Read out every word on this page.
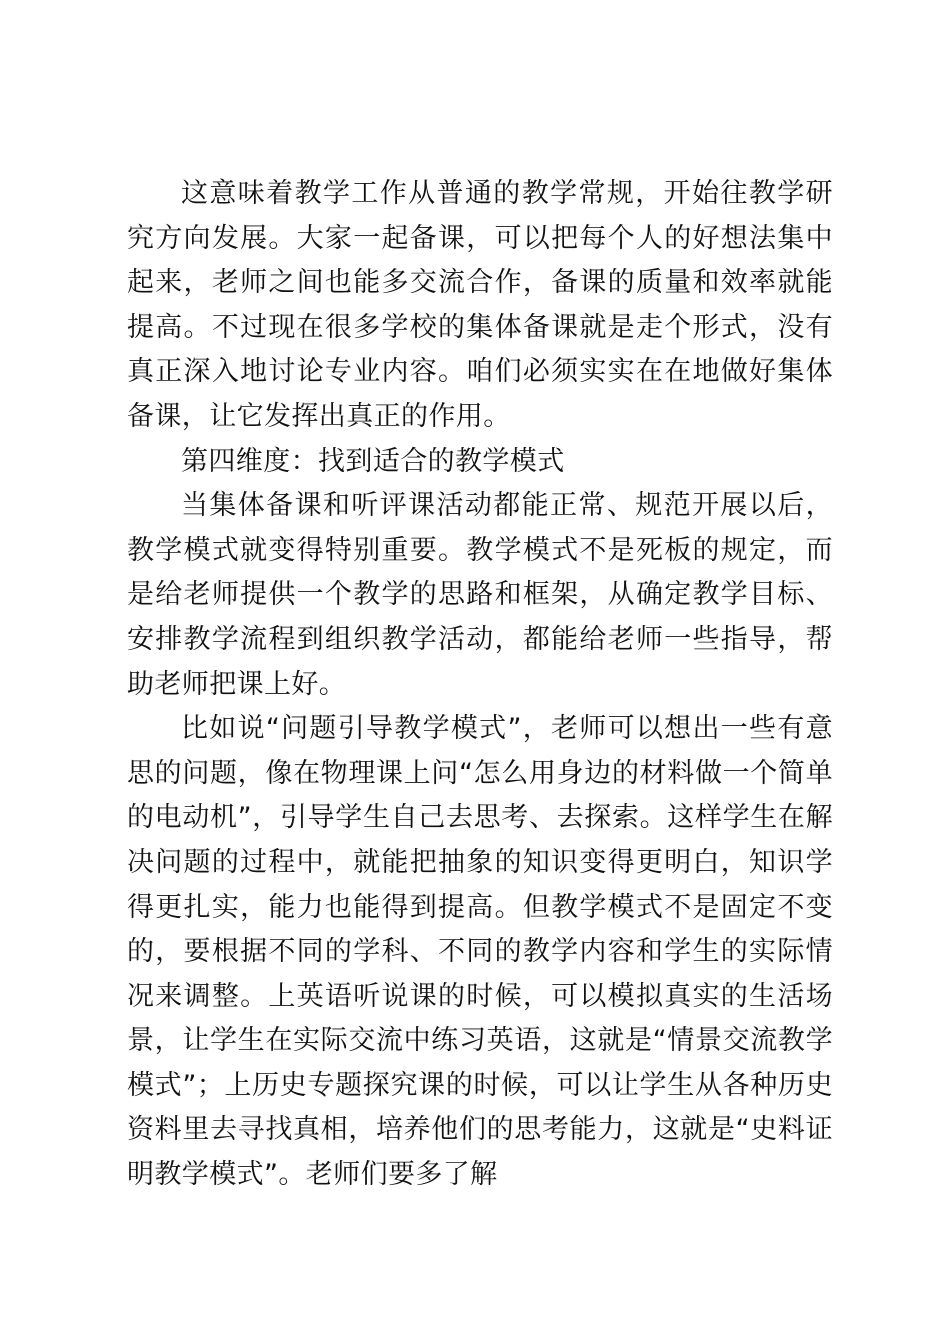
这意味着教学工作从普通的教学常规，开始往教学研究方向发展。大家一起备课，可以把每个人的好想法集中起来，老师之间也能多交流合作，备课的质量和效率就能提高。不过现在很多学校的集体备课就是走个形式，没有真正深入地讨论专业内容。咱们必须实实在在地做好集体备课，让它发挥出真正的作用。

第四维度：找到适合的教学模式

当集体备课和听评课活动都能正常、规范开展以后，教学模式就变得特别重要。教学模式不是死板的规定，而是给老师提供一个教学的思路和框架，从确定教学目标、安排教学流程到组织教学活动，都能给老师一些指导，帮助老师把课上好。

比如说“问题引导教学模式”，老师可以想出一些有意思的问题，像在物理课上问“怎么用身边的材料做一个简单的电动机”，引导学生自己去思考、去探索。这样学生在解决问题的过程中，就能把抽象的知识变得更明白，知识学得更扎实，能力也能得到提高。但教学模式不是固定不变的，要根据不同的学科、不同的教学内容和学生的实际情况来调整。上英语听说课的时候，可以模拟真实的生活场景，让学生在实际交流中练习英语，这就是“情景交流教学模式”；上历史专题探究课的时候，可以让学生从各种历史资料里去寻找真相，培养他们的思考能力，这就是“史料证明教学模式”。老师们要多了解
